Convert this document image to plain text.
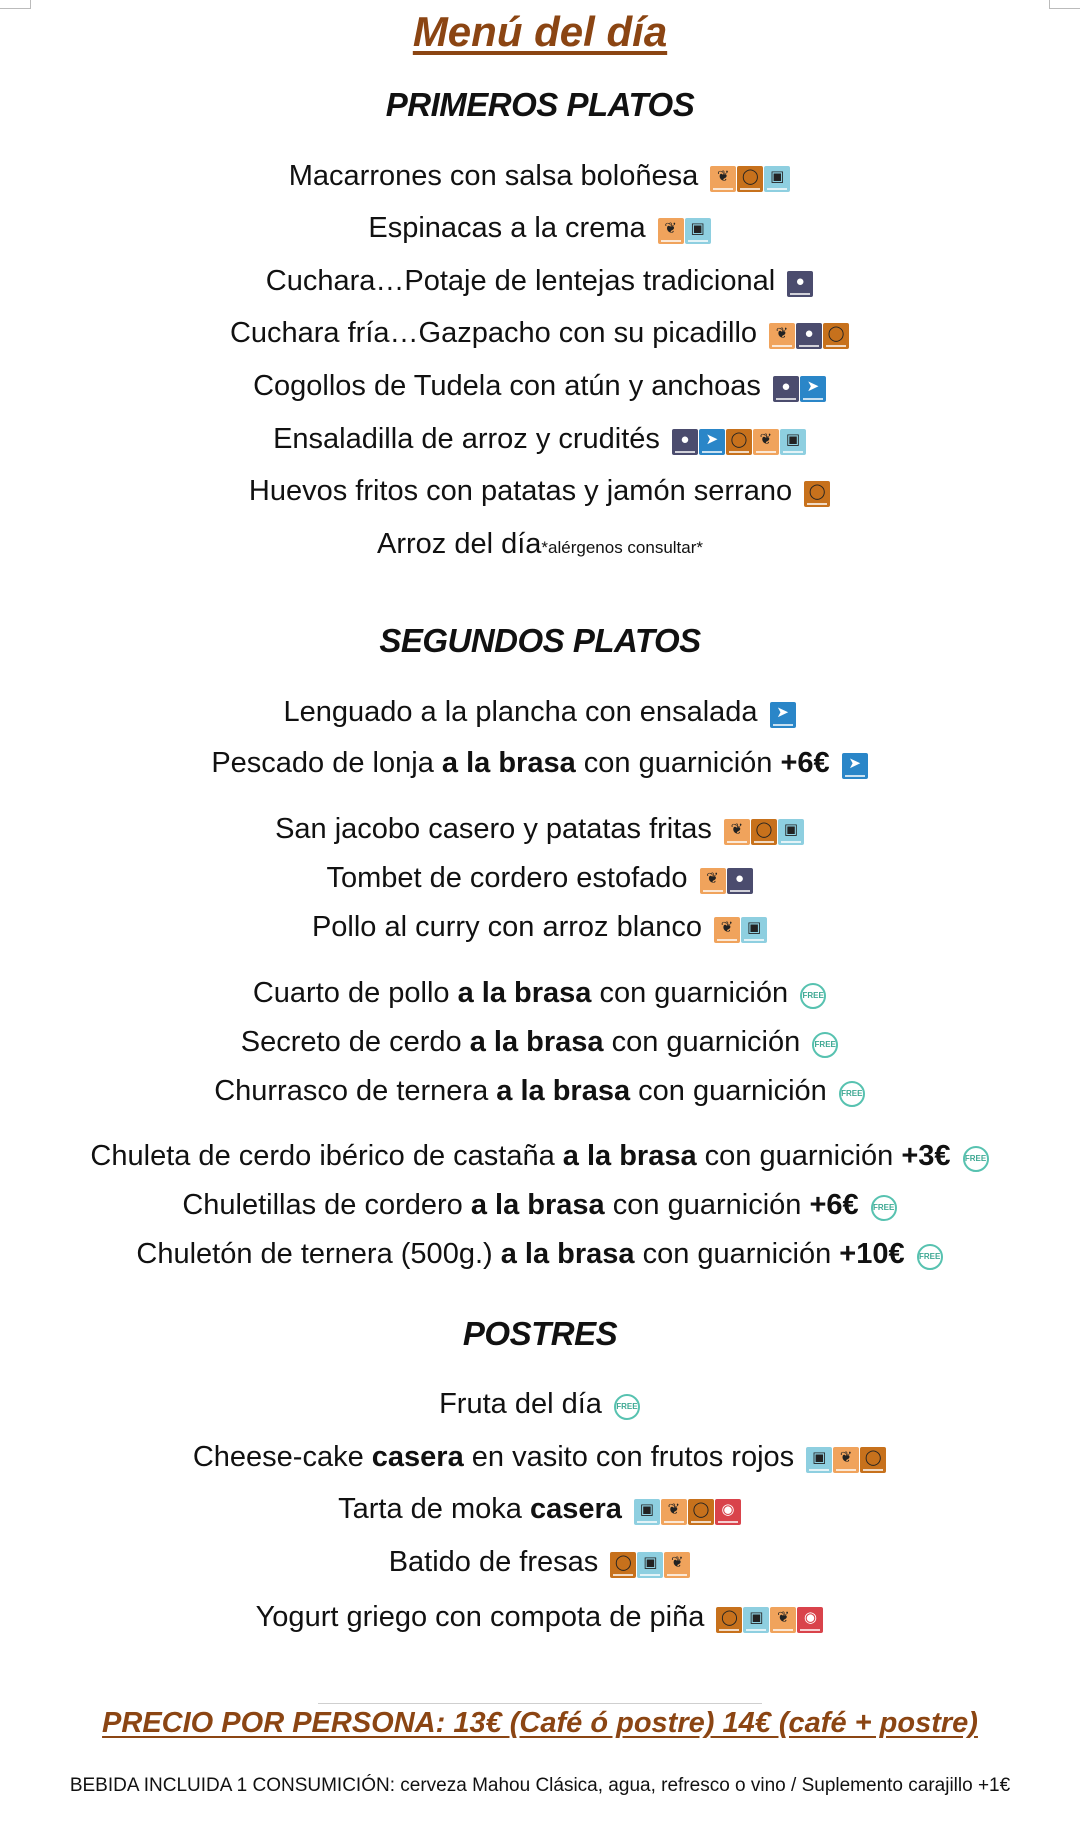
Menú del día
PRIMEROS PLATOS
Macarrones con salsa boloñesa ❦ ◯ ▣
Espinacas a la crema ❦ ▣
Cuchara…Potaje de lentejas tradicional ●
Cuchara fría…Gazpacho con su picadillo ❦ ● ◯
Cogollos de Tudela con atún y anchoas ● ➤
Ensaladilla de arroz y crudités ● ➤ ◯ ❦ ▣
Huevos fritos con patatas y jamón serrano ◯
Arroz del día*alérgenos consultar*
SEGUNDOS PLATOS
Lenguado a la plancha con ensalada ➤
Pescado de lonja a la brasa con guarnición +6€ ➤
San jacobo casero y patatas fritas ❦ ◯ ▣
Tombet de cordero estofado ❦ ●
Pollo al curry con arroz blanco ❦ ▣
Cuarto de pollo a la brasa con guarnición FREE
Secreto de cerdo a la brasa con guarnición FREE
Churrasco de ternera a la brasa con guarnición FREE
Chuleta de cerdo ibérico de castaña a la brasa con guarnición +3€ FREE
Chuletillas de cordero a la brasa con guarnición +6€ FREE
Chuletón de ternera (500g.) a la brasa con guarnición +10€ FREE
POSTRES
Fruta del día FREE
Cheese-cake casera en vasito con frutos rojos ▣ ❦ ◯
Tarta de moka casera ▣ ❦ ◯ ◉
Batido de fresas ◯ ▣ ❦
Yogurt griego con compota de piña ◯ ▣ ❦ ◉
PRECIO POR PERSONA: 13€ (Café ó postre) 14€ (café + postre)
BEBIDA INCLUIDA 1 CONSUMICIÓN: cerveza Mahou Clásica, agua, refresco o vino / Suplemento carajillo +1€
